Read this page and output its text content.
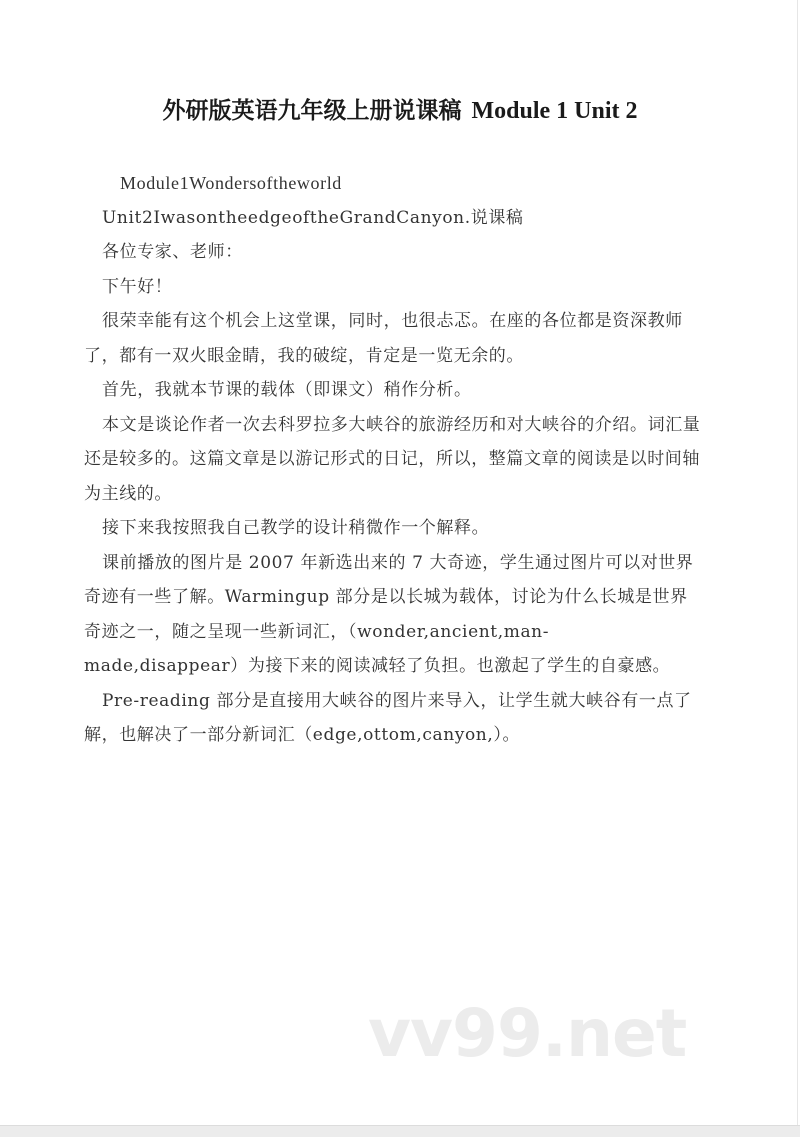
外研版英语九年级上册说课稿 Module 1 Unit 2

Module1Wondersoftheworld

Unit2IwasontheedgeoftheGrandCanyon.说课稿

各位专家、老师：

下午好！

很荣幸能有这个机会上这堂课，同时，也很忐忑。在座的各位都是资深教师了，都有一双火眼金睛，我的破绽，肯定是一览无余的。

首先，我就本节课的载体（即课文）稍作分析。

本文是谈论作者一次去科罗拉多大峡谷的旅游经历和对大峡谷的介绍。词汇量还是较多的。这篇文章是以游记形式的日记，所以，整篇文章的阅读是以时间轴为主线的。

接下来我按照我自己教学的设计稍微作一个解释。

课前播放的图片是 2007 年新选出来的 7 大奇迹，学生通过图片可以对世界奇迹有一些了解。Warmingup 部分是以长城为载体，讨论为什么长城是世界奇迹之一，随之呈现一些新词汇，（wonder,ancient,man-made,disappear）为接下来的阅读减轻了负担。也激起了学生的自豪感。

Pre-reading 部分是直接用大峡谷的图片来导入，让学生就大峡谷有一点了解，也解决了一部分新词汇（edge,ottom,canyon,）。

vv99.net
